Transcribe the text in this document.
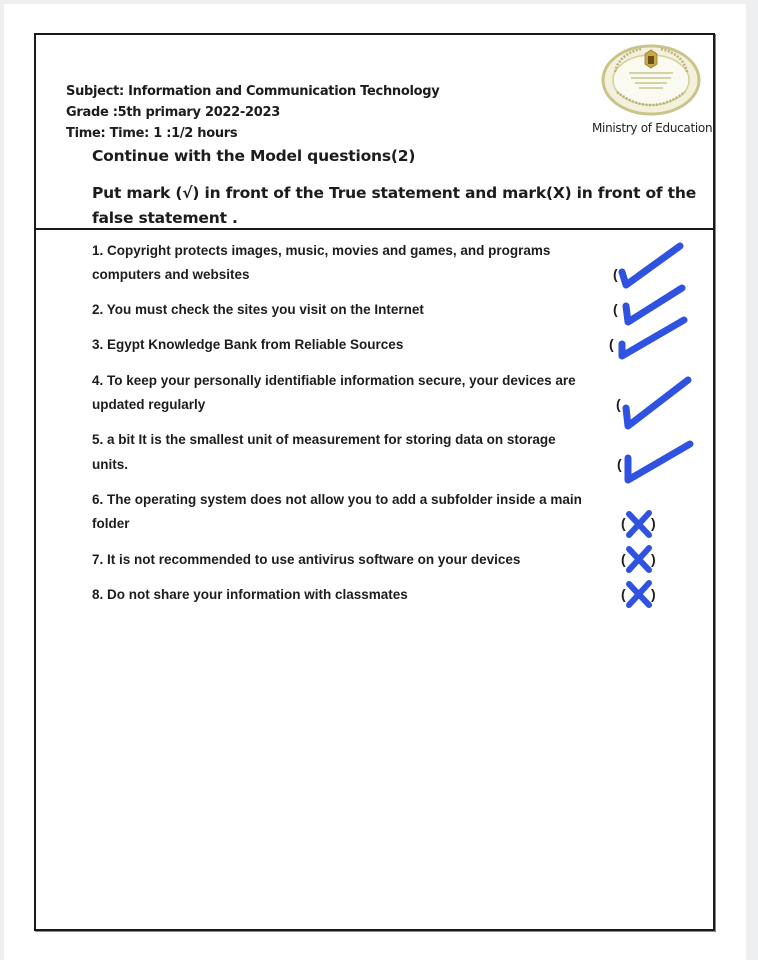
Subject: Information and Communication Technology
Grade :5th primary 2022-2023
Time: Time: 1 :1/2 hours
Continue with the Model questions(2)
Put mark (√) in front of the True statement and mark(X) in front of the
false statement .
Ministry of Education
1. Copyright protects images, music, movies and games, and programs
computers and websites	(
2. You must check the sites you visit on the Internet	(
3. Egypt Knowledge Bank from Reliable Sources	(
4. To keep your personally identifiable information secure, your devices are
updated regularly	(
5. a bit It is the smallest unit of measurement for storing data on storage
units.	(
6. The operating system does not allow you to add a subfolder inside a main
folder	( )
7. It is not recommended to use antivirus software on your devices	( )
8. Do not share your information with classmates	( )
